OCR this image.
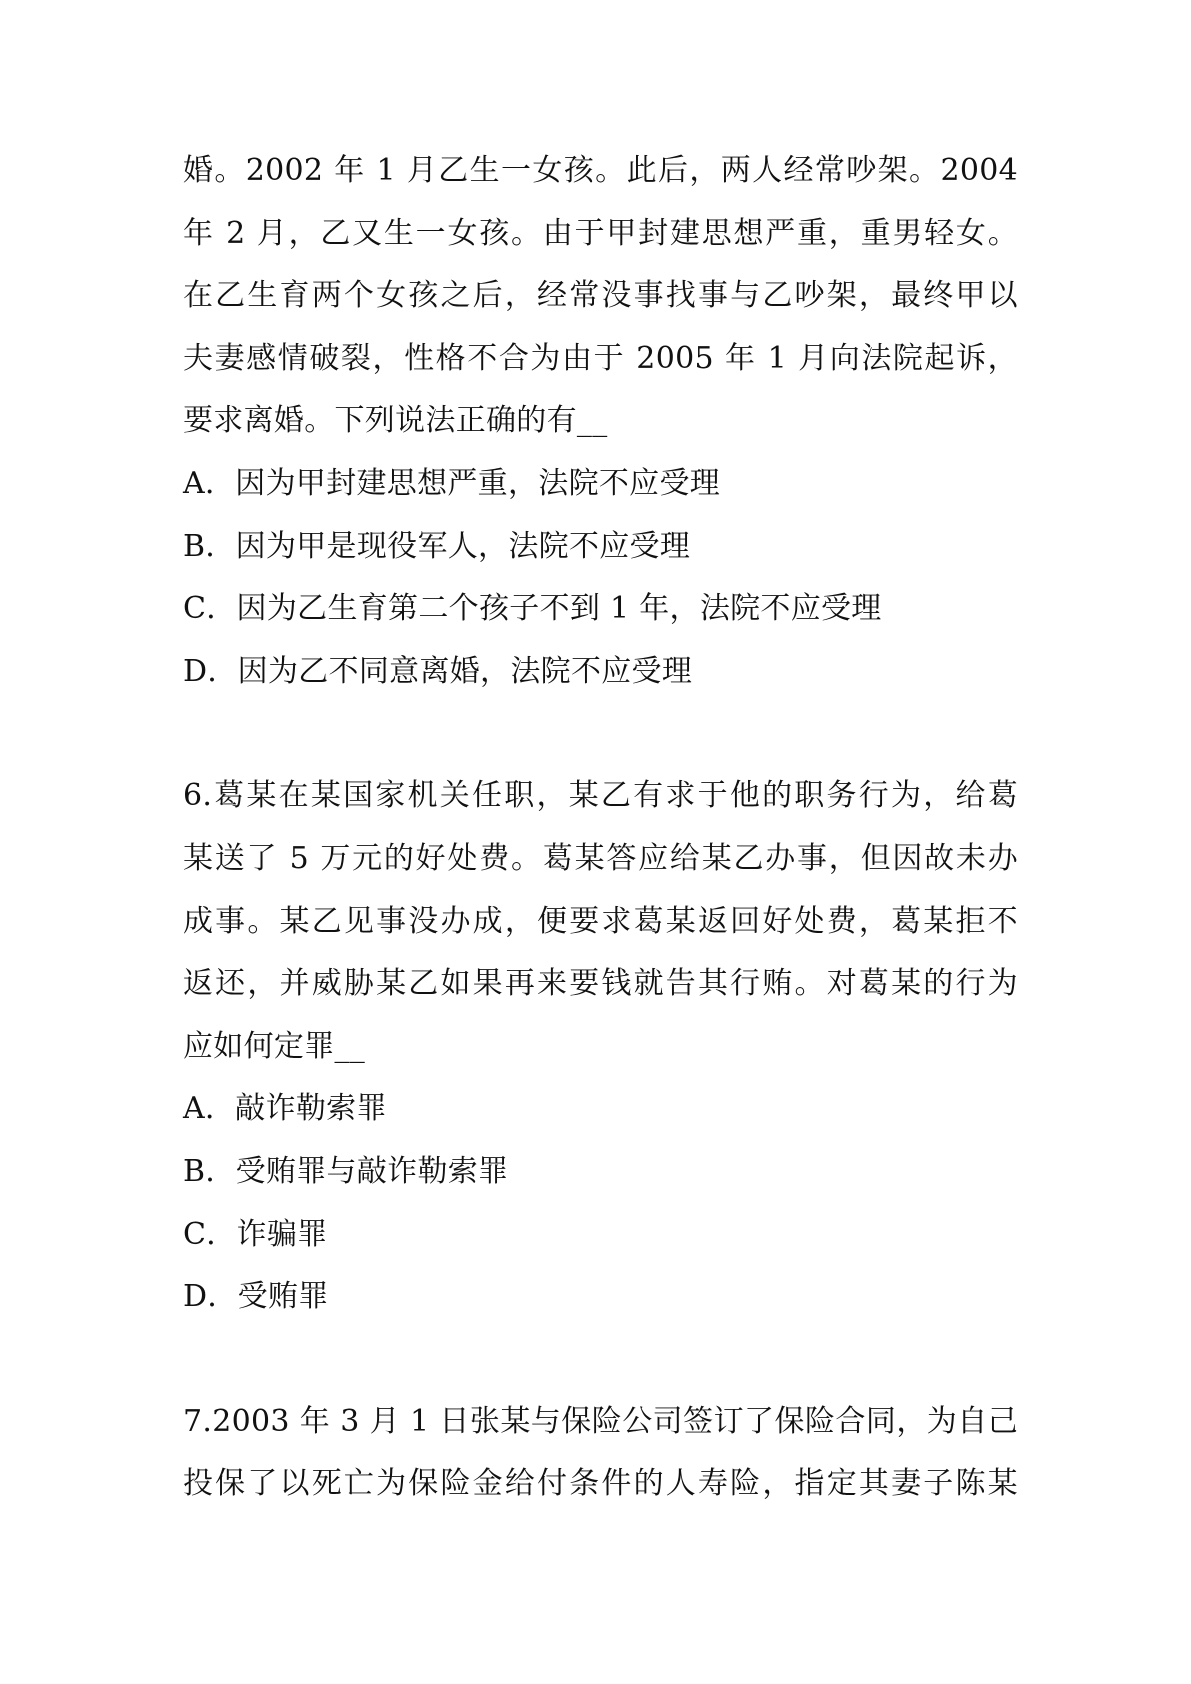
婚。2002 年 1 月乙生一女孩。此后，两人经常吵架。2004
年 2 月，乙又生一女孩。由于甲封建思想严重，重男轻女。
在乙生育两个女孩之后，经常没事找事与乙吵架，最终甲以
夫妻感情破裂，性格不合为由于 2005 年 1 月向法院起诉，
要求离婚。下列说法正确的有__
A．因为甲封建思想严重，法院不应受理
B．因为甲是现役军人，法院不应受理
C．因为乙生育第二个孩子不到 1 年，法院不应受理
D．因为乙不同意离婚，法院不应受理
6.葛某在某国家机关任职，某乙有求于他的职务行为，给葛
某送了 5 万元的好处费。葛某答应给某乙办事，但因故未办
成事。某乙见事没办成，便要求葛某返回好处费，葛某拒不
返还，并威胁某乙如果再来要钱就告其行贿。对葛某的行为
应如何定罪__
A．敲诈勒索罪
B．受贿罪与敲诈勒索罪
C．诈骗罪
D．受贿罪
7.2003 年 3 月 1 日张某与保险公司签订了保险合同，为自己
投保了以死亡为保险金给付条件的人寿险，指定其妻子陈某
